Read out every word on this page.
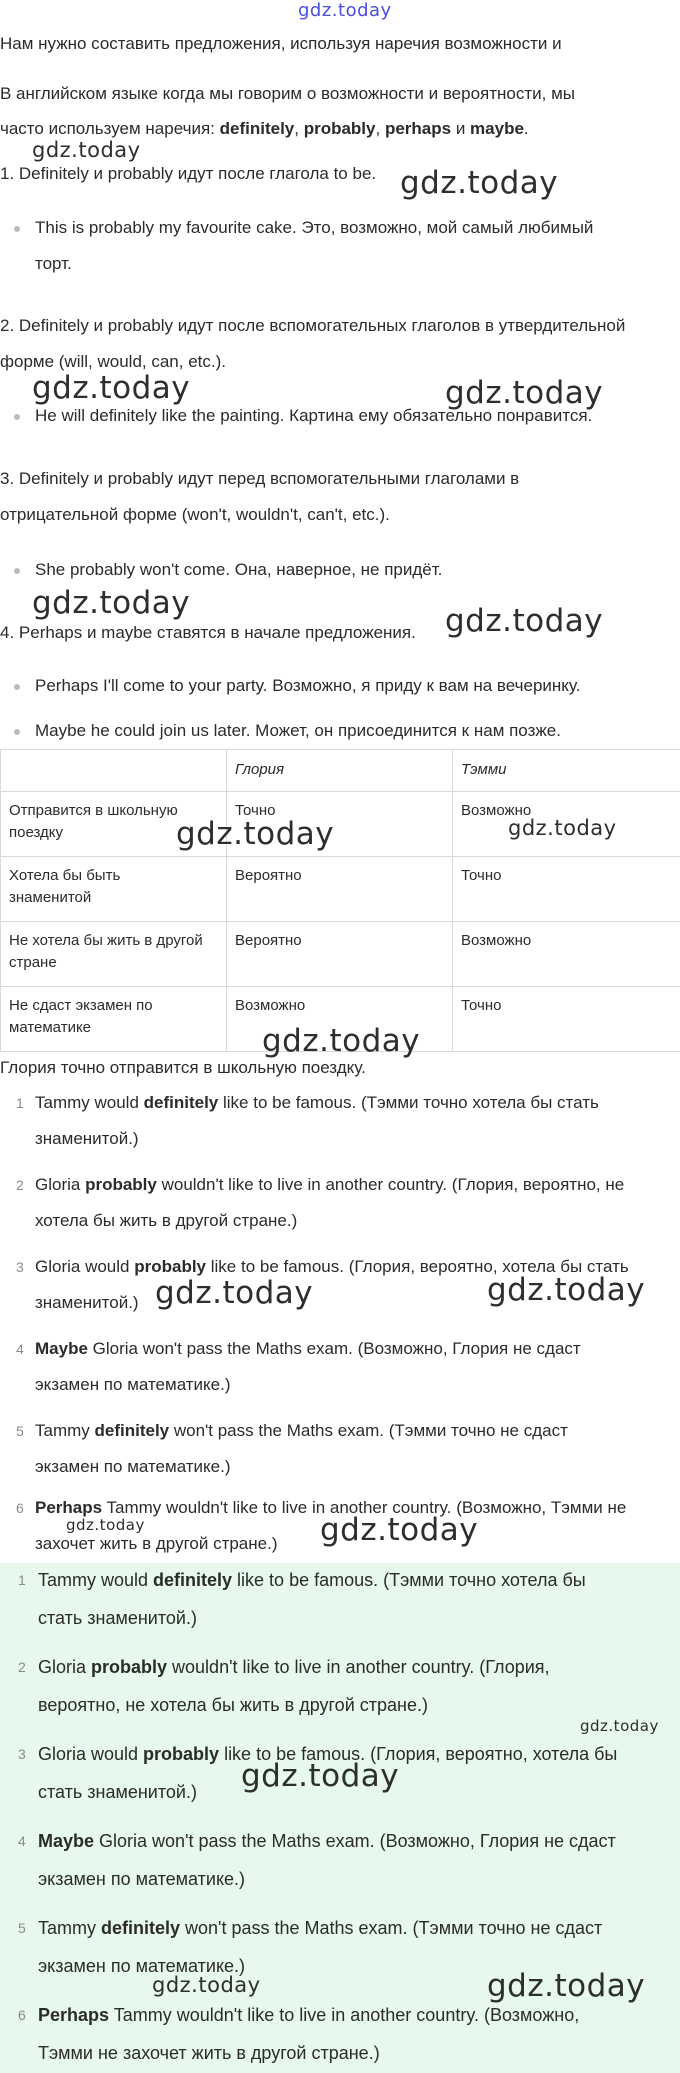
gdz.today
Нам нужно составить предложения, используя наречия возможности и
В английском языке когда мы говорим о возможности и вероятности, мы
часто используем наречия: definitely, probably, perhaps и maybe.
gdz.today
1. Definitely и probably идут после глагола to be. gdz.today
This is probably my favourite cake. Это, возможно, мой самый любимый
торт.
2. Definitely и probably идут после вспомогательных глаголов в утвердительной
форме (will, would, can, etc.).
gdz.today	gdz.today
He will definitely like the painting. Картина ему обязательно понравится.
3. Definitely и probably идут перед вспомогательными глаголами в
отрицательной форме (won't, wouldn't, can't, etc.).
She probably won't come. Она, наверное, не придёт.
gdz.today
4. Perhaps и maybe ставятся в начале предложения. gdz.today
Perhaps I'll come to your party. Возможно, я приду к вам на вечеринку.
Maybe he could join us later. Может, он присоединится к нам позже.
	Глория	Тэмми
Отправится в школьную
поездку	Точно	Возможно
Хотела бы быть
знаменитой	Вероятно	Точно
Не хотела бы жить в другой
стране	Вероятно	Возможно
Не сдаст экзамен по
математике	Возможно	Точно
gdz.today	gdz.today
gdz.today
Глория точно отправится в школьную поездку.
1 Tammy would definitely like to be famous. (Тэмми точно хотела бы стать
знаменитой.)
2 Gloria probably wouldn't like to live in another country. (Глория, вероятно, не
хотела бы жить в другой стране.)
3 Gloria would probably like to be famous. (Глория, вероятно, хотела бы стать
знаменитой.) gdz.today	gdz.today
4 Maybe Gloria won't pass the Maths exam. (Возможно, Глория не сдаст
экзамен по математике.)
5 Tammy definitely won't pass the Maths exam. (Тэмми точно не сдаст
экзамен по математике.)
6 Perhaps Tammy wouldn't like to live in another country. (Возможно, Тэмми не
захочет жить в другой стране.)
gdz.today	gdz.today
1 Tammy would definitely like to be famous. (Тэмми точно хотела бы
стать знаменитой.)
2 Gloria probably wouldn't like to live in another country. (Глория,
вероятно, не хотела бы жить в другой стране.)
gdz.today
3 Gloria would probably like to be famous. (Глория, вероятно, хотела бы
стать знаменитой.) gdz.today
4 Maybe Gloria won't pass the Maths exam. (Возможно, Глория не сдаст
экзамен по математике.)
5 Tammy definitely won't pass the Maths exam. (Тэмми точно не сдаст
экзамен по математике.)
gdz.today	gdz.today
6 Perhaps Tammy wouldn't like to live in another country. (Возможно,
Тэмми не захочет жить в другой стране.)
